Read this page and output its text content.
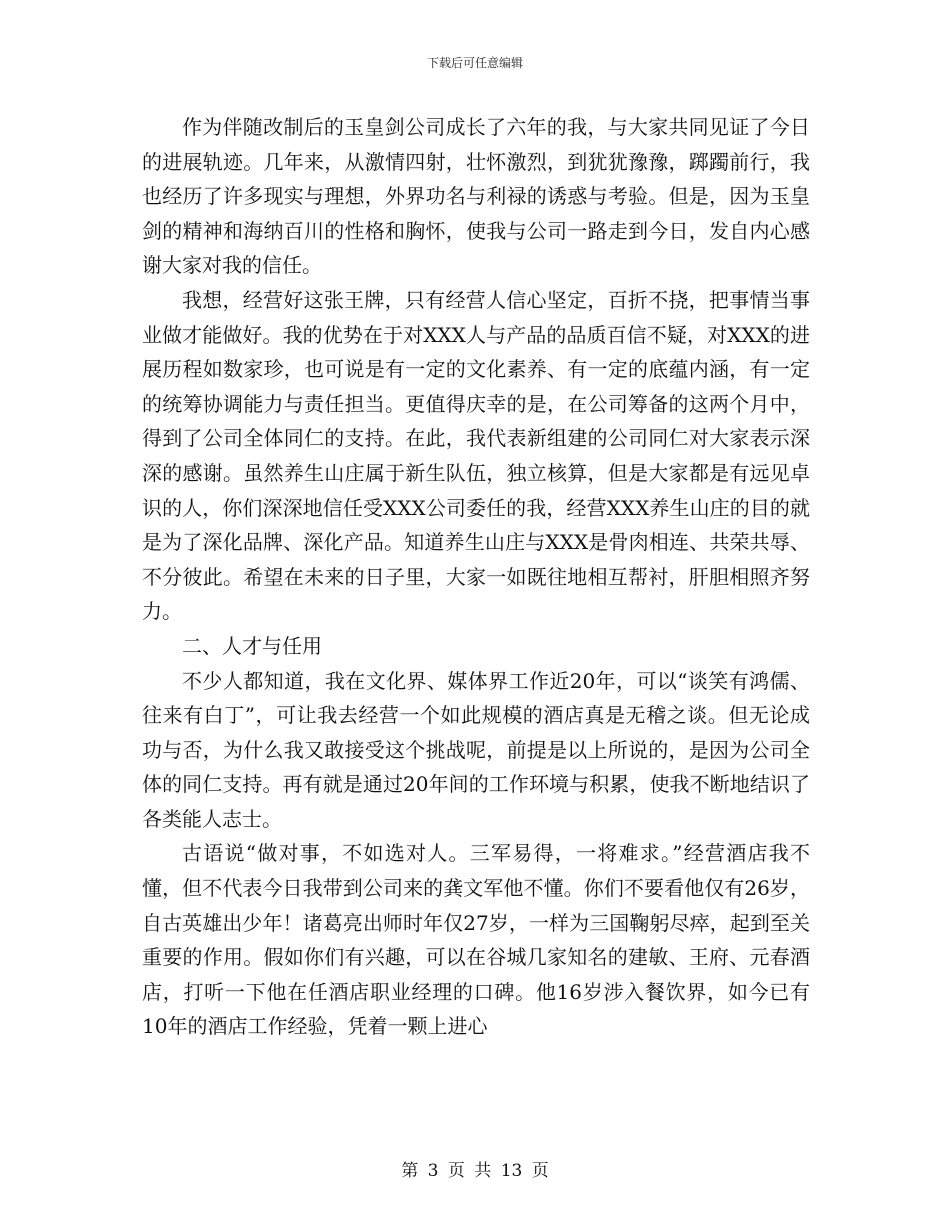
下载后可任意编辑

作为伴随改制后的玉皇剑公司成长了六年的我，与大家共同见证了今日的进展轨迹。几年来，从激情四射，壮怀激烈，到犹犹豫豫，踯躅前行，我也经历了许多现实与理想，外界功名与利禄的诱惑与考验。但是，因为玉皇剑的精神和海纳百川的性格和胸怀，使我与公司一路走到今日，发自内心感谢大家对我的信任。

我想，经营好这张王牌，只有经营人信心坚定，百折不挠，把事情当事业做才能做好。我的优势在于对XXX人与产品的品质百信不疑，对XXX的进展历程如数家珍，也可说是有一定的文化素养、有一定的底蕴内涵，有一定的统筹协调能力与责任担当。更值得庆幸的是，在公司筹备的这两个月中，得到了公司全体同仁的支持。在此，我代表新组建的公司同仁对大家表示深深的感谢。虽然养生山庄属于新生队伍，独立核算，但是大家都是有远见卓识的人，你们深深地信任受XXX公司委任的我，经营XXX养生山庄的目的就是为了深化品牌、深化产品。知道养生山庄与XXX是骨肉相连、共荣共辱、不分彼此。希望在未来的日子里，大家一如既往地相互帮衬，肝胆相照齐努力。

二、人才与任用

不少人都知道，我在文化界、媒体界工作近20年，可以“谈笑有鸿儒、往来有白丁”，可让我去经营一个如此规模的酒店真是无稽之谈。但无论成功与否，为什么我又敢接受这个挑战呢，前提是以上所说的，是因为公司全体的同仁支持。再有就是通过20年间的工作环境与积累，使我不断地结识了各类能人志士。

古语说“做对事，不如选对人。三军易得，一将难求。”经营酒店我不懂，但不代表今日我带到公司来的龚文军他不懂。你们不要看他仅有26岁，自古英雄出少年！诸葛亮出师时年仅27岁，一样为三国鞠躬尽瘁，起到至关重要的作用。假如你们有兴趣，可以在谷城几家知名的建敏、王府、元春酒店，打听一下他在任酒店职业经理的口碑。他16岁涉入餐饮界，如今已有10年的酒店工作经验，凭着一颗上进心

第 3 页 共 13 页
